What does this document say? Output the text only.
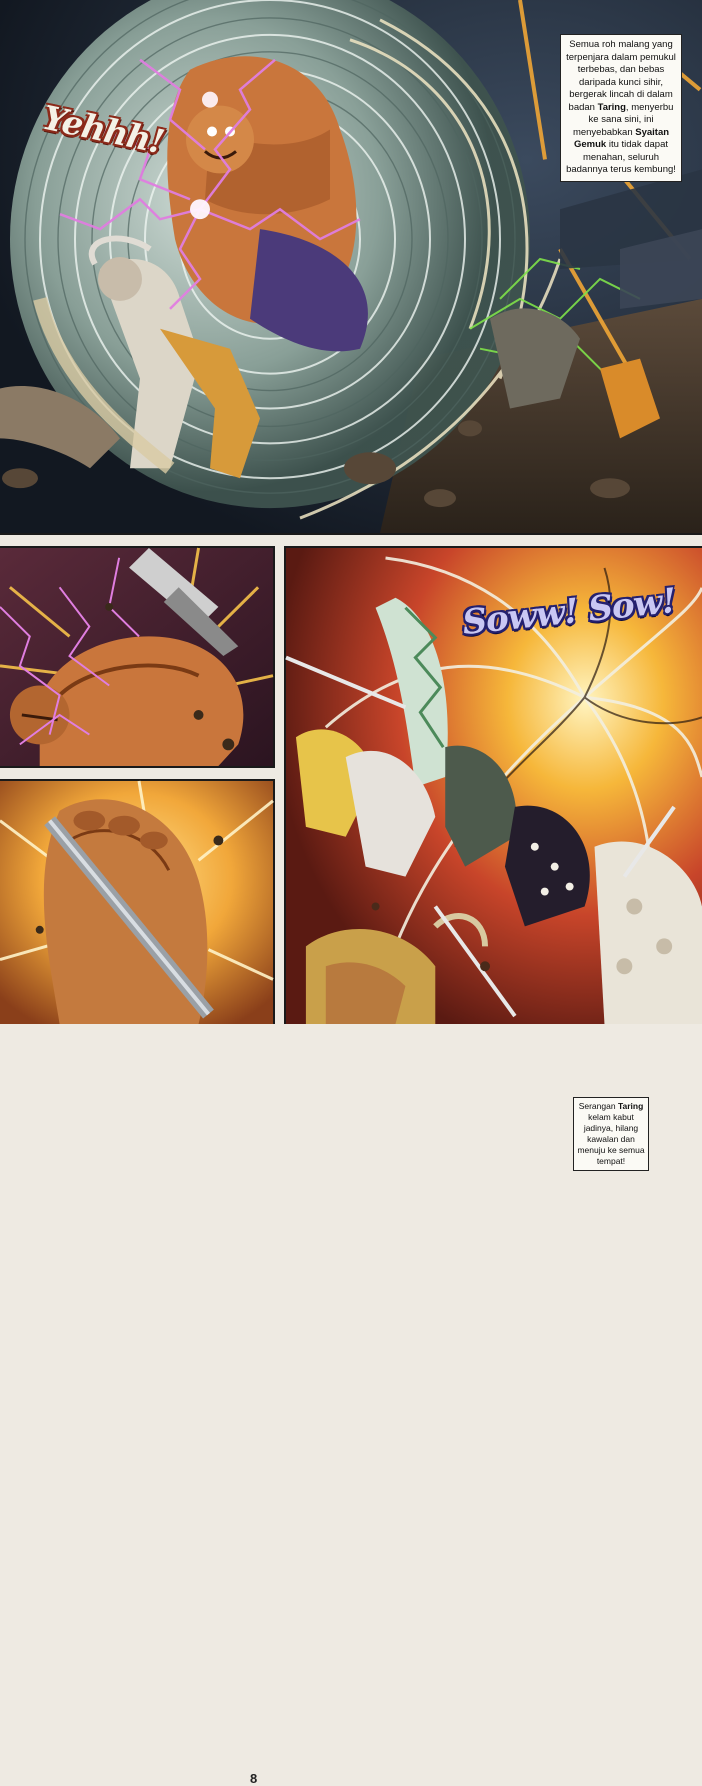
Semua roh malang yang terpenjara dalam pemukul terbebas, dan bebas daripada kunci sihir, bergerak lincah di dalam badan Taring, menyerbu ke sana sini, ini menyebabkan Syaitan Gemuk itu tidak dapat menahan, seluruh badannya terus kembung!
Yehhh!
8
Serangan Taring kelam kabut jadinya, hilang kawalan dan menuju ke semua tempat!
Soww! Sow!
